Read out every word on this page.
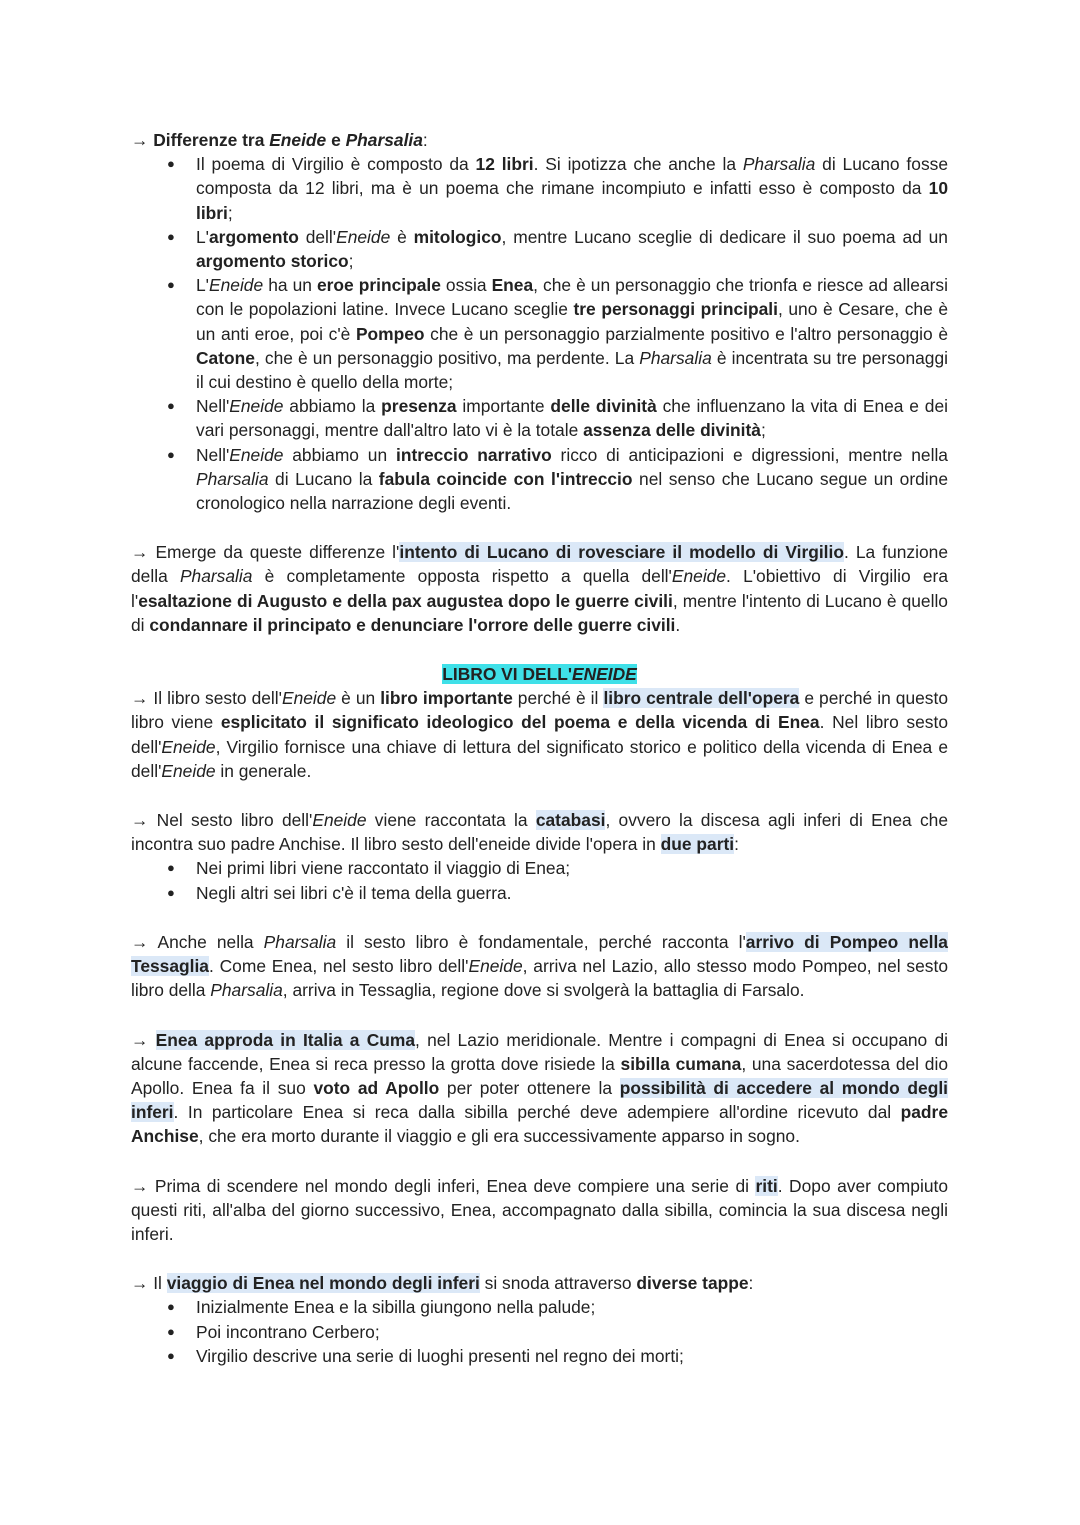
→ Differenze tra Eneide e Pharsalia:

● Il poema di Virgilio è composto da 12 libri. Si ipotizza che anche la Pharsalia di Lucano fosse composta da 12 libri, ma è un poema che rimane incompiuto e infatti esso è composto da 10 libri;
● L'argomento dell'Eneide è mitologico, mentre Lucano sceglie di dedicare il suo poema ad un argomento storico;
● L'Eneide ha un eroe principale ossia Enea, che è un personaggio che trionfa e riesce ad allearsi con le popolazioni latine. Invece Lucano sceglie tre personaggi principali, uno è Cesare, che è un anti eroe, poi c'è Pompeo che è un personaggio parzialmente positivo e l'altro personaggio è Catone, che è un personaggio positivo, ma perdente. La Pharsalia è incentrata su tre personaggi il cui destino è quello della morte;
● Nell'Eneide abbiamo la presenza importante delle divinità che influenzano la vita di Enea e dei vari personaggi, mentre dall'altro lato vi è la totale assenza delle divinità;
● Nell'Eneide abbiamo un intreccio narrativo ricco di anticipazioni e digressioni, mentre nella Pharsalia di Lucano la fabula coincide con l'intreccio nel senso che Lucano segue un ordine cronologico nella narrazione degli eventi.

→ Emerge da queste differenze l'intento di Lucano di rovesciare il modello di Virgilio. La funzione della Pharsalia è completamente opposta rispetto a quella dell'Eneide. L'obiettivo di Virgilio era l'esaltazione di Augusto e della pax augustea dopo le guerre civili, mentre l'intento di Lucano è quello di condannare il principato e denunciare l'orrore delle guerre civili.

LIBRO VI DELL'ENEIDE

→ Il libro sesto dell'Eneide è un libro importante perché è il libro centrale dell'opera e perché in questo libro viene esplicitato il significato ideologico del poema e della vicenda di Enea. Nel libro sesto dell'Eneide, Virgilio fornisce una chiave di lettura del significato storico e politico della vicenda di Enea e dell'Eneide in generale.

→ Nel sesto libro dell'Eneide viene raccontata la catabasi, ovvero la discesa agli inferi di Enea che incontra suo padre Anchise. Il libro sesto dell'eneide divide l'opera in due parti:

● Nei primi libri viene raccontato il viaggio di Enea;
● Negli altri sei libri c'è il tema della guerra.

→ Anche nella Pharsalia il sesto libro è fondamentale, perché racconta l'arrivo di Pompeo nella Tessaglia. Come Enea, nel sesto libro dell'Eneide, arriva nel Lazio, allo stesso modo Pompeo, nel sesto libro della Pharsalia, arriva in Tessaglia, regione dove si svolgerà la battaglia di Farsalo.

→ Enea approda in Italia a Cuma, nel Lazio meridionale. Mentre i compagni di Enea si occupano di alcune faccende, Enea si reca presso la grotta dove risiede la sibilla cumana, una sacerdotessa del dio Apollo. Enea fa il suo voto ad Apollo per poter ottenere la possibilità di accedere al mondo degli inferi. In particolare Enea si reca dalla sibilla perché deve adempiere all'ordine ricevuto dal padre Anchise, che era morto durante il viaggio e gli era successivamente apparso in sogno.

→ Prima di scendere nel mondo degli inferi, Enea deve compiere una serie di riti. Dopo aver compiuto questi riti, all'alba del giorno successivo, Enea, accompagnato dalla sibilla, comincia la sua discesa negli inferi.

→ Il viaggio di Enea nel mondo degli inferi si snoda attraverso diverse tappe:

● Inizialmente Enea e la sibilla giungono nella palude;
● Poi incontrano Cerbero;
● Virgilio descrive una serie di luoghi presenti nel regno dei morti;
